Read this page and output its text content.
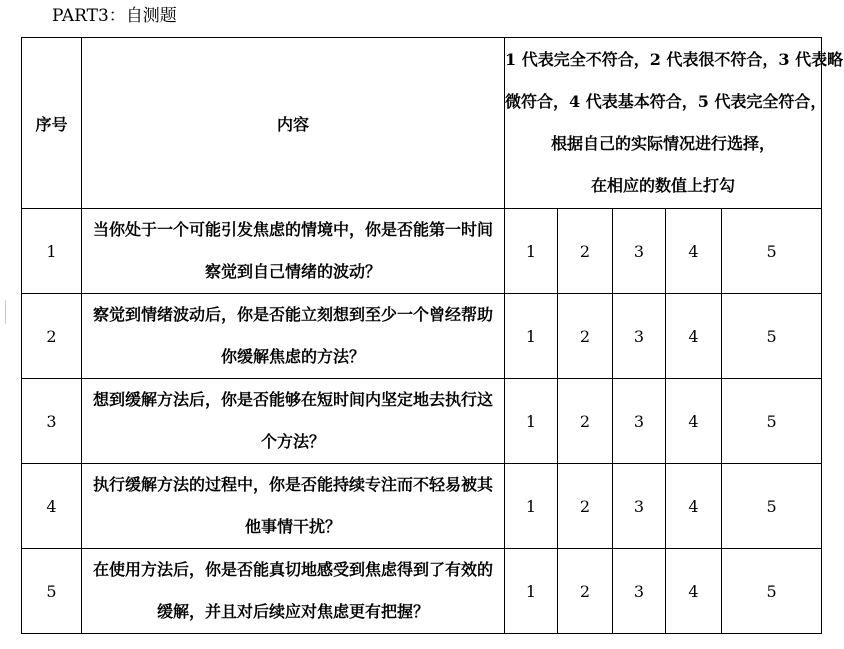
PART3：自测题
序号	内容	1 代表完全不符合，2 代表很不符合，3 代表略
微符合，4 代表基本符合，5 代表完全符合，
根据自己的实际情况进行选择，
在相应的数值上打勾				

1	当你处于一个可能引发焦虑的情境中，你是否能第一时间
察觉到自己情绪的波动？	1	2	3	4	5
2	察觉到情绪波动后，你是否能立刻想到至少一个曾经帮助
你缓解焦虑的方法？	1	2	3	4	5
3	想到缓解方法后，你是否能够在短时间内坚定地去执行这
个方法？	1	2	3	4	5
4	执行缓解方法的过程中，你是否能持续专注而不轻易被其
他事情干扰？	1	2	3	4	5
5	在使用方法后，你是否能真切地感受到焦虑得到了有效的
缓解，并且对后续应对焦虑更有把握？	1	2	3	4	5
